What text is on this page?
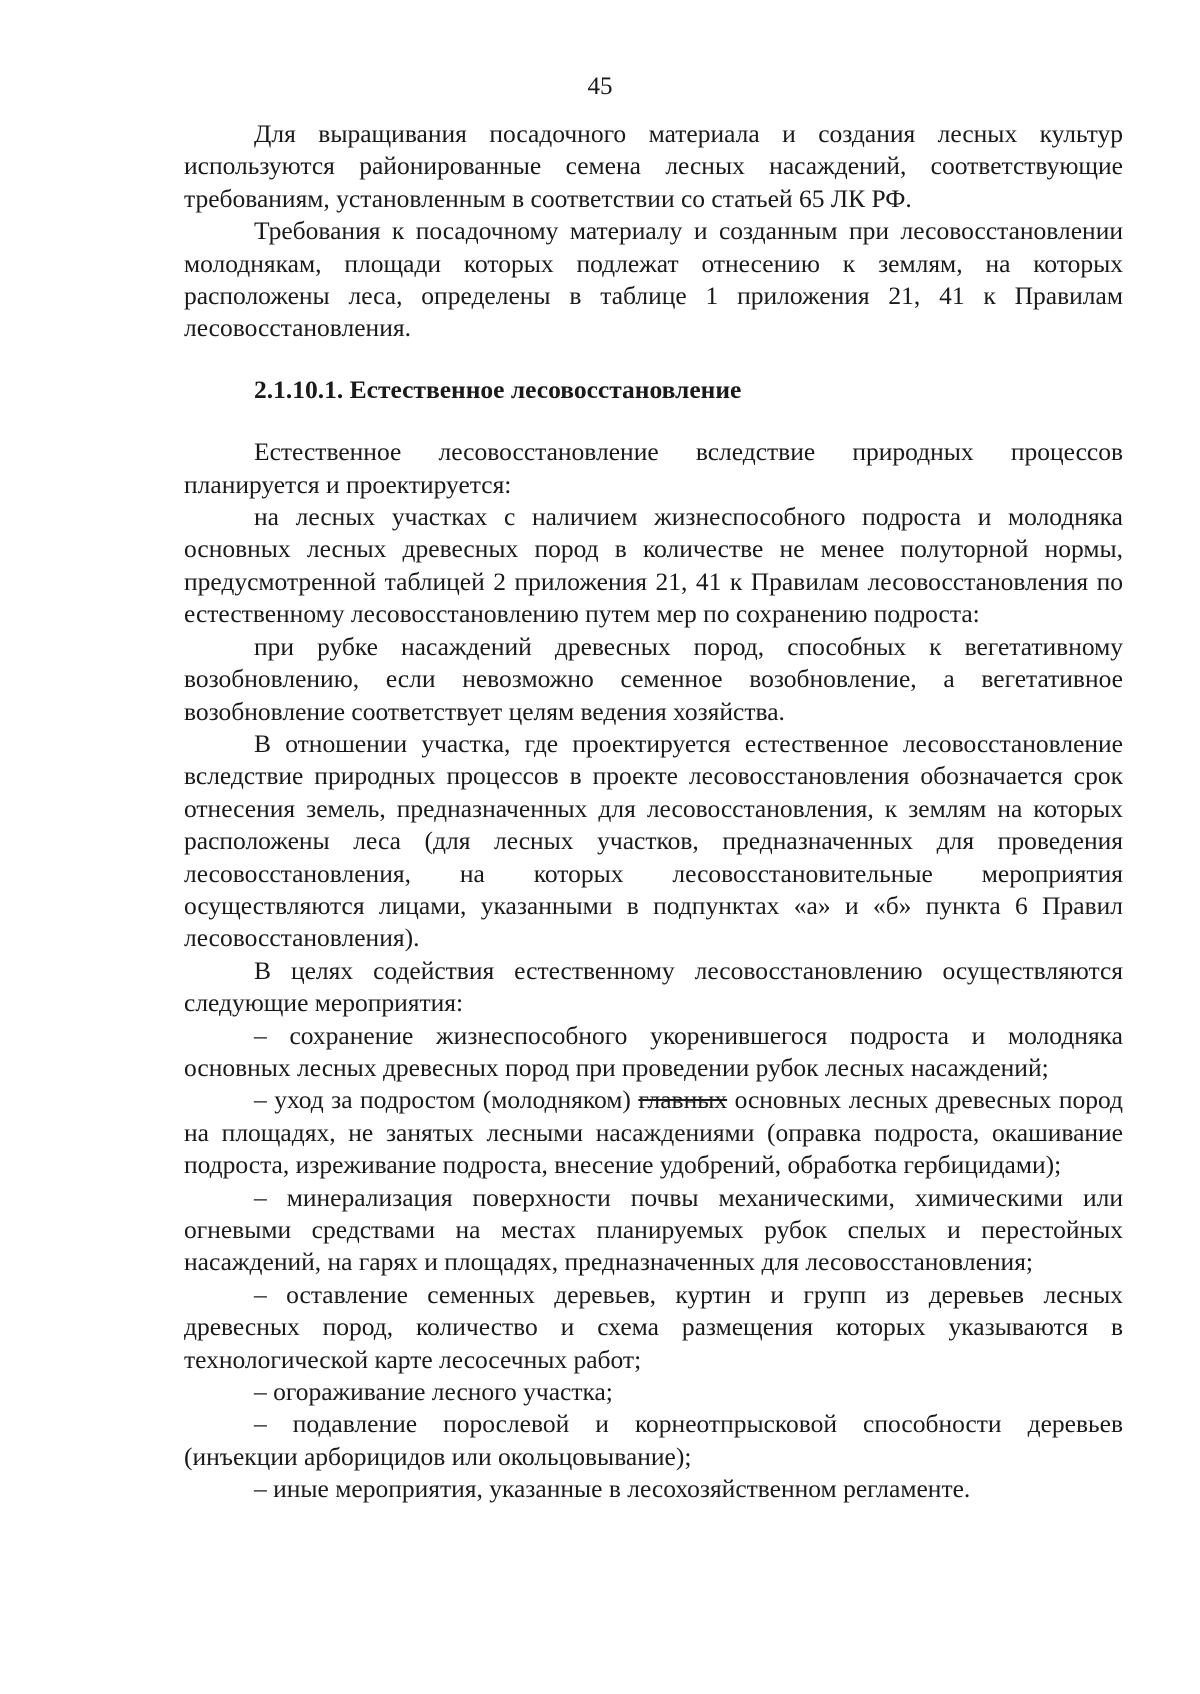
45

Для выращивания посадочного материала и создания лесных культур используются районированные семена лесных насаждений, соответствующие требованиям, установленным в соответствии со статьей 65 ЛК РФ.

Требования к посадочному материалу и созданным при лесовосстановлении молоднякам, площади которых подлежат отнесению к землям, на которых расположены леса, определены в таблице 1 приложения 21, 41 к Правилам лесовосстановления.

2.1.10.1. Естественное лесовосстановление

Естественное лесовосстановление вследствие природных процессов планируется и проектируется:

на лесных участках с наличием жизнеспособного подроста и молодняка основных лесных древесных пород в количестве не менее полуторной нормы, предусмотренной таблицей 2 приложения 21, 41 к Правилам лесовосстановления по естественному лесовосстановлению путем мер по сохранению подроста:

при рубке насаждений древесных пород, способных к вегетативному возобновлению, если невозможно семенное возобновление, а вегетативное возобновление соответствует целям ведения хозяйства.

В отношении участка, где проектируется естественное лесовосстановление вследствие природных процессов в проекте лесовосстановления обозначается срок отнесения земель, предназначенных для лесовосстановления, к землям на которых расположены леса (для лесных участков, предназначенных для проведения лесовосстановления, на которых лесовосстановительные мероприятия осуществляются лицами, указанными в подпунктах «а» и «б» пункта 6 Правил лесовосстановления).

В целях содействия естественному лесовосстановлению осуществляются следующие мероприятия:

– сохранение жизнеспособного укоренившегося подроста и молодняка основных лесных древесных пород при проведении рубок лесных насаждений;

– уход за подростом (молодняком) главных основных лесных древесных пород на площадях, не занятых лесными насаждениями (оправка подроста, окашивание подроста, изреживание подроста, внесение удобрений, обработка гербицидами);

– минерализация поверхности почвы механическими, химическими или огневыми средствами на местах планируемых рубок спелых и перестойных насаждений, на гарях и площадях, предназначенных для лесовосстановления;

– оставление семенных деревьев, куртин и групп из деревьев лесных древесных пород, количество и схема размещения которых указываются в технологической карте лесосечных работ;

– огораживание лесного участка;

– подавление порослевой и корнеотпрысковой способности деревьев (инъекции арборицидов или окольцовывание);

– иные мероприятия, указанные в лесохозяйственном регламенте.
